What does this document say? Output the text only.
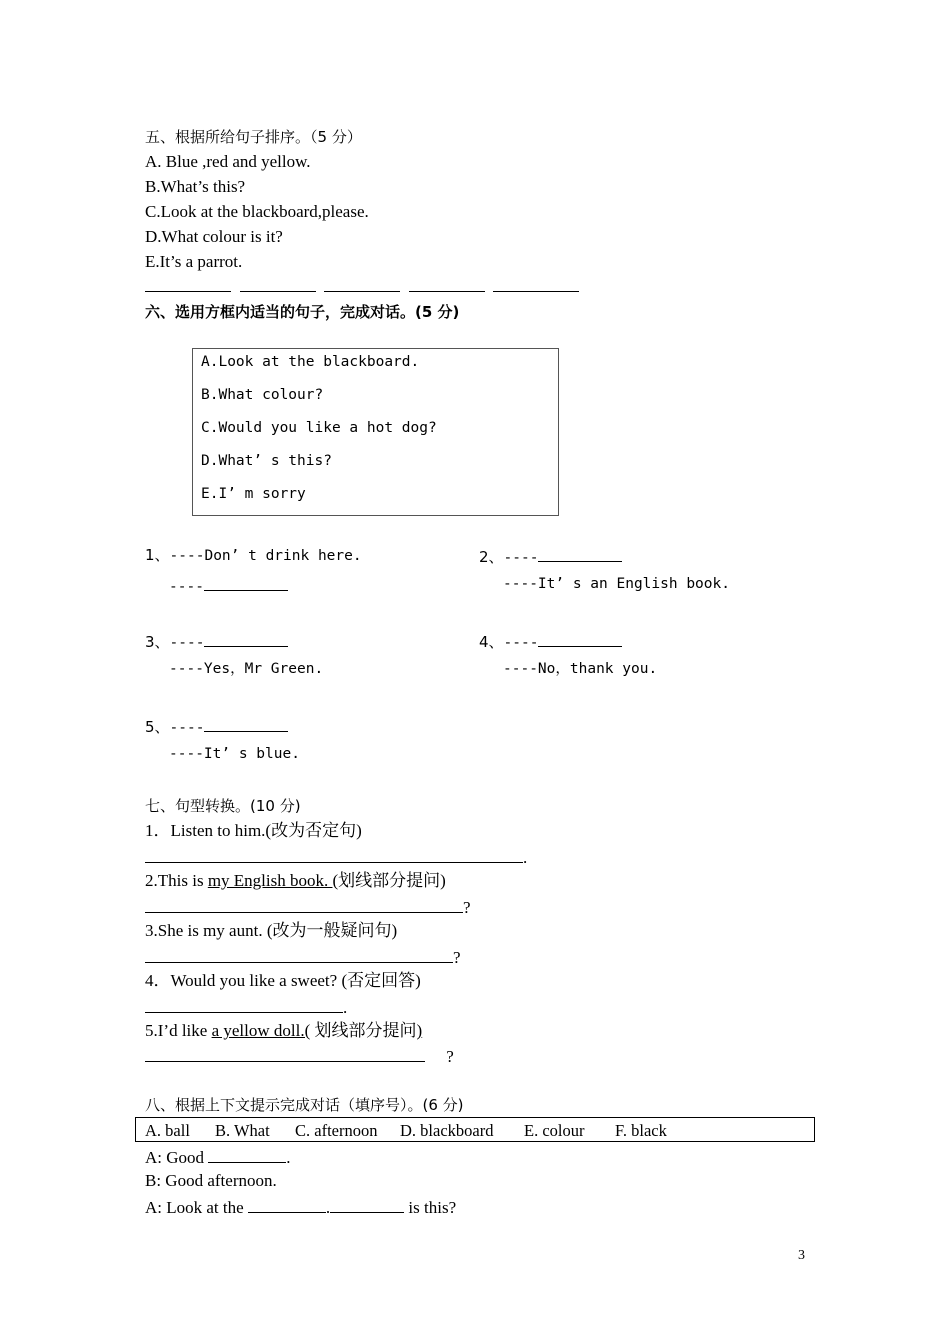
五、根据所给句子排序。（5 分）
A. Blue ,red and yellow.
B.What’s this?
C.Look at the blackboard,please.
D.What colour is it?
E.It’s a parrot.

六、选用方框内适当的句子，完成对话。(5 分)
A.Look at the blackboard.
B.What colour?
C.Would you like a hot dog?
D.What’ s this?
E.I’ m sorry
1、----Don’ t drink here.
----
2、----
----It’ s an English book.
3、----
----Yes，Mr Green.
4、----
----No，thank you.
5、----
----It’ s blue.
七、句型转换。(10 分)
1．Listen to him.(改为否定句)
.
2.This is my English book. (划线部分提问)
?
3.She is my aunt. (改为一般疑问句)
?
4．Would you like a sweet? (否定回答)
.
5.I’d like a yellow doll.( 划线部分提问)
?
八、根据上下文提示完成对话（填序号）。(6 分)
A. ball B. What C. afternoon D. blackboard E. colour F. black
A: Good	.
B: Good afternoon.
A: Look at the	.	is this?
3
